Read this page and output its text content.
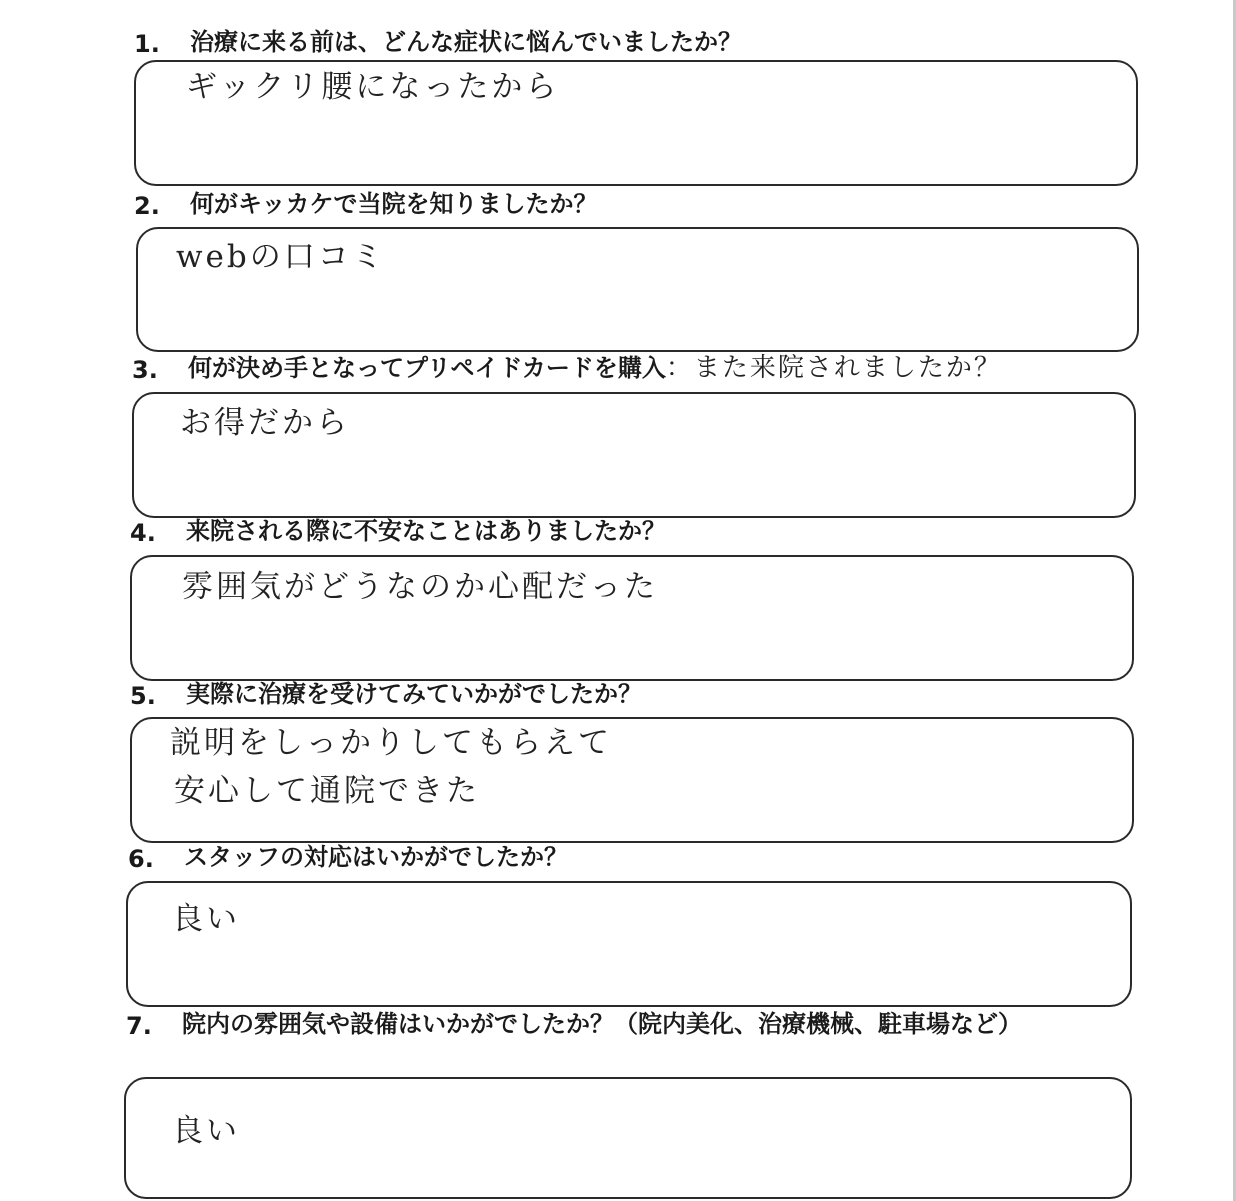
1. 治療に来る前は、どんな症状に悩んでいましたか？
ギックリ腰になったから
2. 何がキッカケで当院を知りましたか？
webの口コミ
3. 何が決め手となってプリペイドカードを購入：また来院されましたか？
お得だから
4. 来院される際に不安なことはありましたか？
雰囲気がどうなのか心配だった
5. 実際に治療を受けてみていかがでしたか？
説明をしっかりしてもらえて
安心して通院できた
6. スタッフの対応はいかがでしたか？
良い
7. 院内の雰囲気や設備はいかがでしたか？（院内美化、治療機械、駐車場など）
良い
